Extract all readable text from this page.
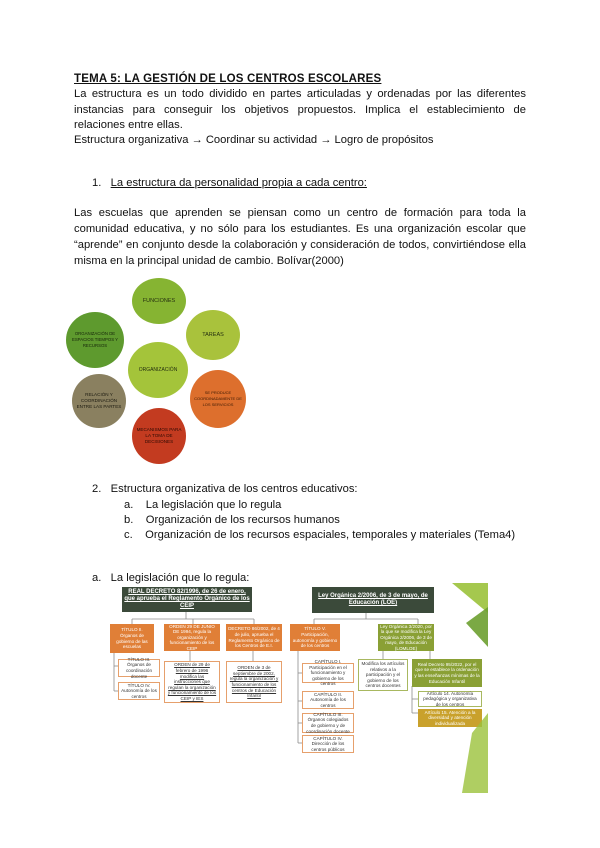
TEMA 5: LA GESTIÓN DE LOS CENTROS ESCOLARES
La estructura es un todo dividido en partes articuladas y ordenadas por las diferentes instancias para conseguir los objetivos propuestos. Implica el establecimiento de relaciones entre ellas.
Estructura organizativa → Coordinar su actividad → Logro de propósitos
1. La estructura da personalidad propia a cada centro:
Las escuelas que aprenden se piensan como un centro de formación para toda la comunidad educativa, y no sólo para los estudiantes. Es una organización escolar que “aprende” en conjunto desde la colaboración y consideración de todos, convirtiéndose ella misma en la principal unidad de cambio. Bolívar(2000)
FUNCIONES
TAREAS
SE PRODUCE COORDINADAMENTE DE LOS SERVICIOS
MECANISMOS PARA LA TOMA DE DECISIONES
RELACIÓN Y COORDINACIÓN ENTRE LAS PARTES
ORGANIZACIÓN DE ESPACIOS TIEMPOS Y RECURSOS
ORGANIZACIÓN
2. Estructura organizativa de los centros educativos:
a. La legislación que lo regula
b. Organización de los recursos humanos
c. Organización de los recursos espaciales, temporales y materiales (Tema4)
a. La legislación que lo regula:
REAL DECRETO 82/1996, de 26 de enero, que aprueba el Reglamento Orgánico de los CEIP
TÍTULO II. Órganos de gobierno de las escuelas
ORDEN 29 DE JUNIO DE 1994, regula la organización y funcionamiento de los CEIP
DECRETO 86/2002, de 4 de julio, aprueba el Reglamento Orgánico de los Centros de E.I.
TÍTULO III. Órganos de coordinación docente
TÍTULO IV. Autonomía de los centros
ORDEN de 29 de febrero de 1996 modifica las instrucciones que regulan la organización y funcionamiento de los CEIP y IES
ORDEN de 3 de septiembre de 2002, regula la organización y funcionamiento de los centros de Educación Infantil
Ley Orgánica 2/2006, de 3 de mayo, de Educación (LOE)
TÍTULO V. Participación, autonomía y gobierno de los centros
Ley Orgánica 3/2020, por la que se modifica la Ley Orgánica 2/2006, de 3 de mayo, de Educación (LOMLOE)
CAPÍTULO I. Participación en el funcionamiento y gobierno de los centros
CAPÍTULO II. Autonomía de los centros
CAPÍTULO III. Órganos colegiados de gobierno y de coordinación docente
CAPÍTULO IV. Dirección de los centros públicos
Modifica los artículos relativos a la participación y el gobierno de los centros docentes
Real Decreto 95/2022, por el que se establece la ordenación y las enseñanzas mínimas de la Educación Infantil
Artículo 14. Autonomía pedagógica y organizativa de los centros
Artículo 15. Atención a la diversidad y atención individualizada
